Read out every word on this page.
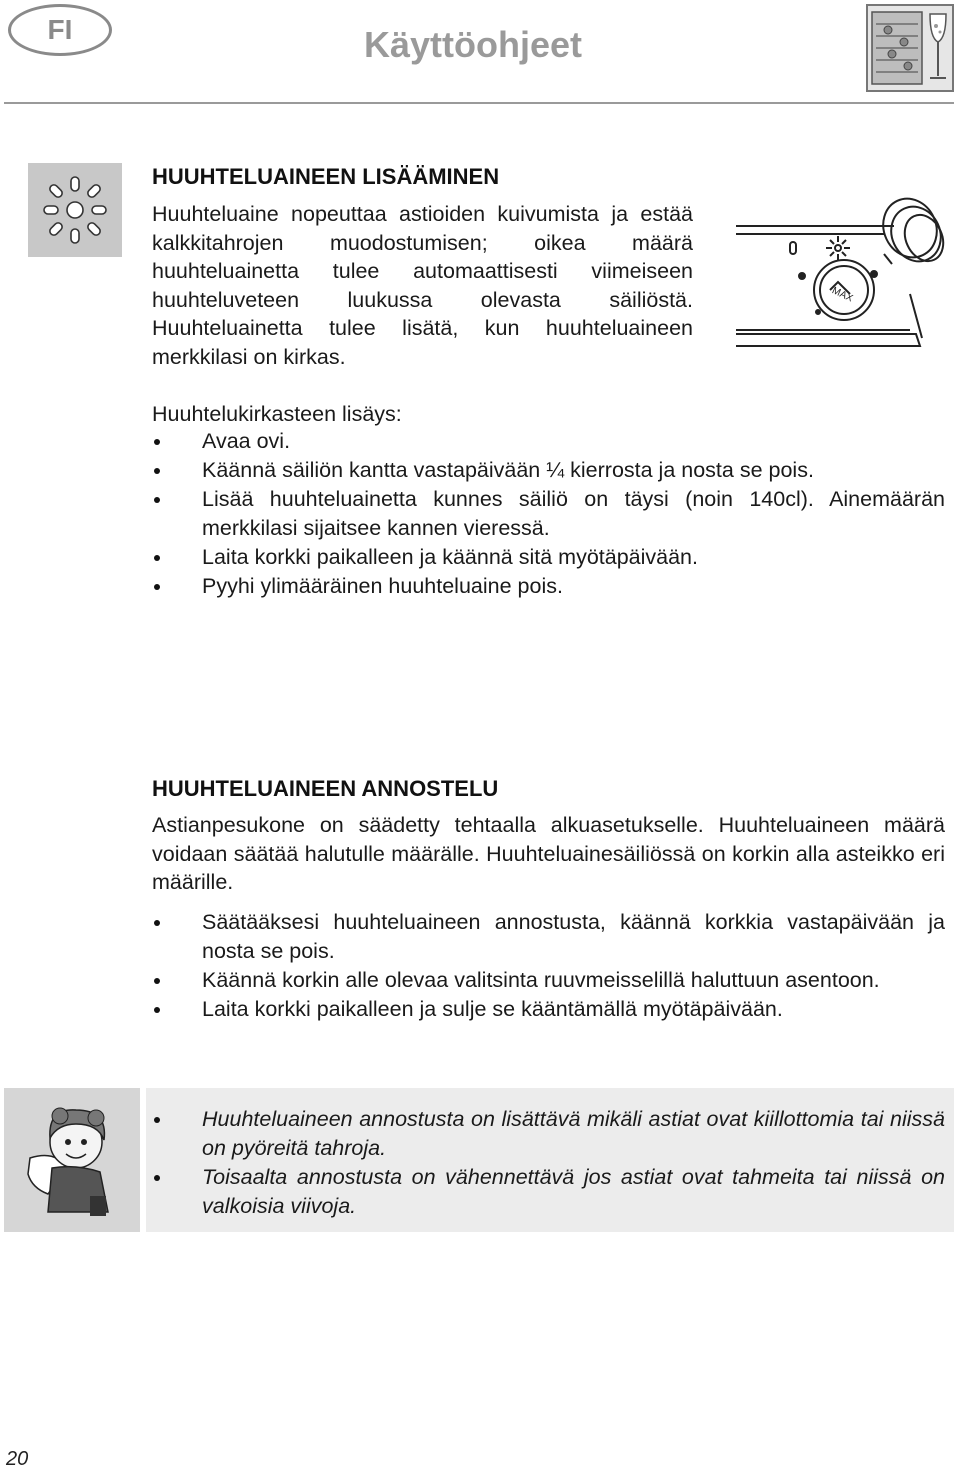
FI	Käyttöohjeet
HUUHTELUAINEEN LISÄÄMINEN
Huuhteluaine nopeuttaa astioiden kuivumista ja estää kalkkitahrojen muodostumisen; oikea määrä huuhteluainetta tulee automaattisesti viimeiseen huuhteluveteen luukussa olevasta säiliöstä. Huuhteluainetta tulee lisätä, kun huuhteluaineen merkkilasi on kirkas.
MAX
Huuhtelukirkasteen lisäys:
Avaa ovi.
Käännä säiliön kantta vastapäivään ¼ kierrosta ja nosta se pois.
Lisää huuhteluainetta kunnes säiliö on täysi (noin 140cl). Ainemäärän merkkilasi sijaitsee kannen vieressä.
Laita korkki paikalleen ja käännä sitä myötäpäivään.
Pyyhi ylimääräinen huuhteluaine pois.
HUUHTELUAINEEN ANNOSTELU
Astianpesukone on säädetty tehtaalla alkuasetukselle. Huuhteluaineen määrä voidaan säätää halutulle määrälle. Huuhteluainesäiliössä on korkin alla asteikko eri määrille.
Säätääksesi huuhteluaineen annostusta, käännä korkkia vastapäivään ja nosta se pois.
Käännä korkin alle olevaa valitsinta ruuvmeisselillä haluttuun asentoon.
Laita korkki paikalleen ja sulje se kääntämällä myötäpäivään.
Huuhteluaineen annostusta on lisättävä mikäli astiat ovat kiillottomia tai niissä on pyöreitä tahroja.
Toisaalta annostusta on vähennettävä jos astiat ovat tahmeita tai niissä on valkoisia viivoja.
20
